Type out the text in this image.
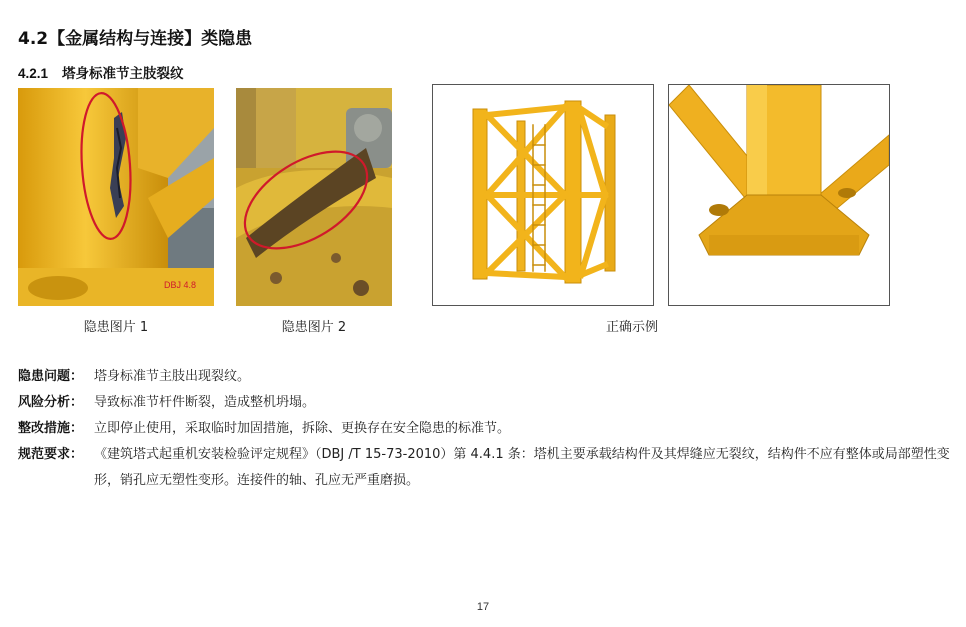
4.2【金属结构与连接】类隐患
4.2.1 塔身标准节主肢裂纹
DBJ 4.8
隐患图片 1	隐患图片 2	正确示例
隐患问题： 塔身标准节主肢出现裂纹。
风险分析： 导致标准节杆件断裂，造成整机坍塌。
整改措施： 立即停止使用，采取临时加固措施，拆除、更换存在安全隐患的标准节。
规范要求： 《建筑塔式起重机安装检验评定规程》（DBJ /T 15-73-2010）第 4.4.1 条：塔机主要承载结构件及其焊缝应无裂纹，结构件不应有整体或局部塑性变形，销孔应无塑性变形。连接件的轴、孔应无严重磨损。
17
